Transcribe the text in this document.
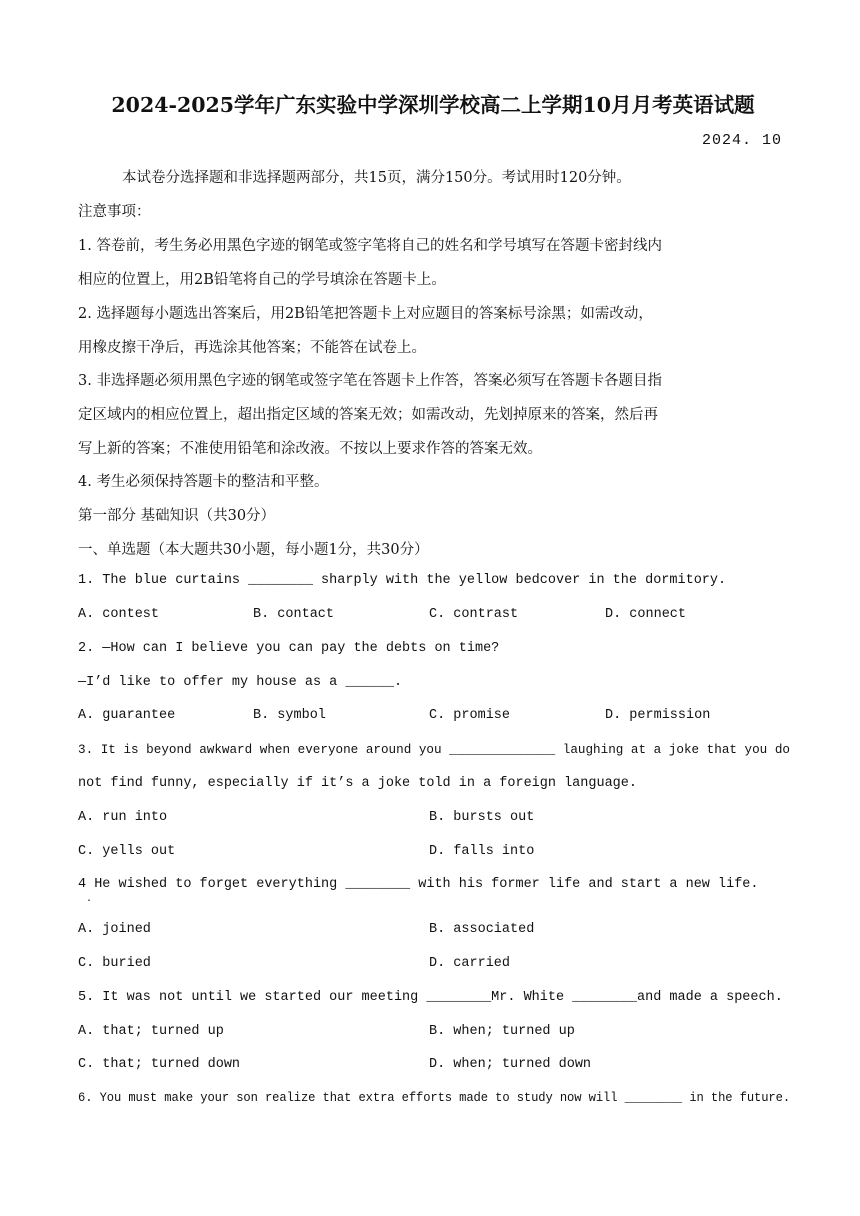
2024-2025学年广东实验中学深圳学校高二上学期10月月考英语试题
2024. 10
本试卷分选择题和非选择题两部分，共15页，满分150分。考试用时120分钟。
注意事项：
1. 答卷前，考生务必用黑色字迹的钢笔或签字笔将自己的姓名和学号填写在答题卡密封线内
相应的位置上，用2B铅笔将自己的学号填涂在答题卡上。
2. 选择题每小题选出答案后，用2B铅笔把答题卡上对应题目的答案标号涂黑；如需改动，
用橡皮擦干净后，再选涂其他答案；不能答在试卷上。
3. 非选择题必须用黑色字迹的钢笔或签字笔在答题卡上作答，答案必须写在答题卡各题目指
定区域内的相应位置上，超出指定区域的答案无效；如需改动，先划掉原来的答案，然后再
写上新的答案；不准使用铅笔和涂改液。不按以上要求作答的答案无效。
4. 考生必须保持答题卡的整洁和平整。
第一部分 基础知识（共30分）
一、单选题（本大题共30小题，每小题1分，共30分）
1. The blue curtains ________ sharply with the yellow bedcover in the dormitory.
A. contest	B. contact	C. contrast	D. connect
2. —How can I believe you can pay the debts on time?
—I’d like to offer my house as a ______.
A. guarantee	B. symbol	C. promise	D. permission
3. It is beyond awkward when everyone around you ______________ laughing at a joke that you do
not find funny, especially if it’s a joke told in a foreign language.
A. run into	B. bursts out
C. yells out	D. falls into
4 He wished to forget everything ________ with his former life and start a new life.
·
A. joined	B. associated
C. buried	D. carried
5. It was not until we started our meeting ________Mr. White ________and made a speech.
A. that; turned up	B. when; turned up
C. that; turned down	D. when; turned down
6. You must make your son realize that extra efforts made to study now will ________ in the future.
